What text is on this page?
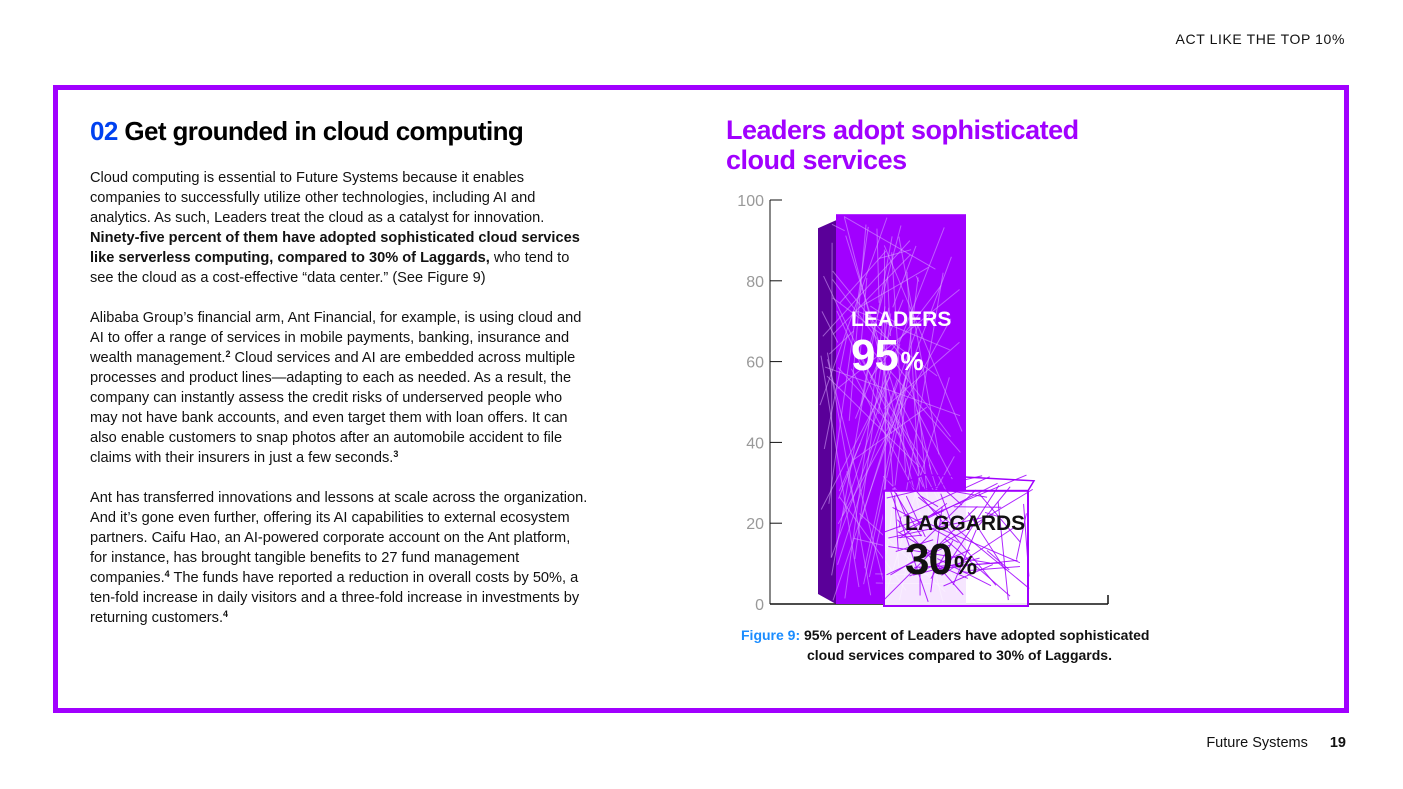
ACT LIKE THE TOP 10%
02 Get grounded in cloud computing

Cloud computing is essential to Future Systems because it enables companies to successfully utilize other technologies, including AI and analytics. As such, Leaders treat the cloud as a catalyst for innovation. Ninety-five percent of them have adopted sophisticated cloud services like serverless computing, compared to 30% of Laggards, who tend to see the cloud as a cost-effective “data center.” (See Figure 9)

Alibaba Group’s financial arm, Ant Financial, for example, is using cloud and AI to offer a range of services in mobile payments, banking, insurance and wealth management.$^2$ Cloud services and AI are embedded across multiple processes and product lines—adapting to each as needed. As a result, the company can instantly assess the credit risks of underserved people who may not have bank accounts, and even target them with loan offers. It can also enable customers to snap photos after an automobile accident to file claims with their insurers in just a few seconds.$^3$

Ant has transferred innovations and lessons at scale across the organization. And it’s gone even further, offering its AI capabilities to external ecosystem partners. Caifu Hao, an AI-powered corporate account on the Ant platform, for instance, has brought tangible benefits to 27 fund management companies.$^4$ The funds have reported a reduction in overall costs by 50%, a ten-fold increase in daily visitors and a three-fold increase in investments by returning customers.$^4$

Leaders adopt sophisticated cloud services
0
20
40
60
80
100
LEADERS
95 %
LAGGARDS
30 %

Figure 9: 95% percent of Leaders have adopted sophisticated
cloud services compared to 30% of Laggards.

Future Systems 19
